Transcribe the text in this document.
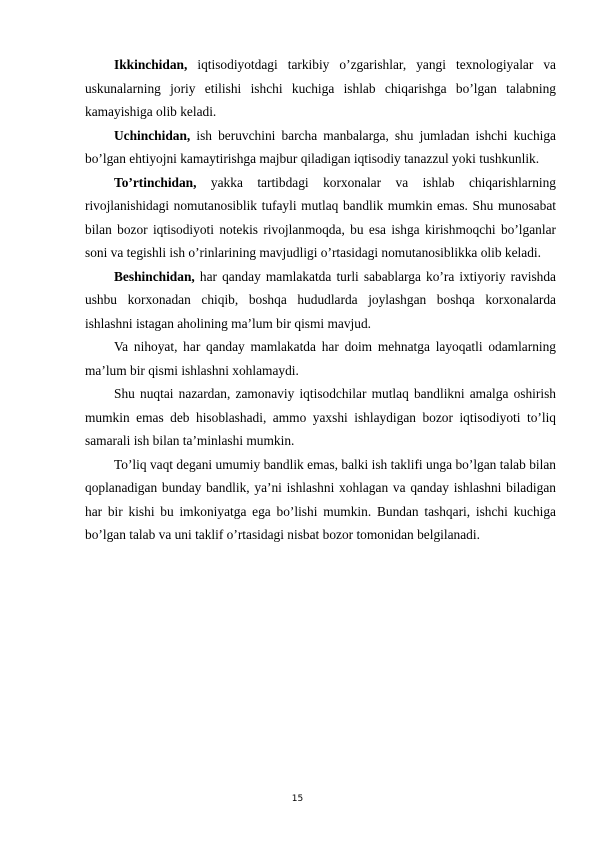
Ikkinchidan, iqtisodiyotdagi tarkibiy o’zgarishlar, yangi texnologiyalar va uskunalarning joriy etilishi ishchi kuchiga ishlab chiqarishga bo’lgan talabning kamayishiga olib keladi.

Uchinchidan, ish beruvchini barcha manbalarga, shu jumladan ishchi kuchiga bo’lgan ehtiyojni kamaytirishga majbur qiladigan iqtisodiy tanazzul yoki tushkunlik.

To’rtinchidan, yakka tartibdagi korxonalar va ishlab chiqarishlarning rivojlanishidagi nomutanosiblik tufayli mutlaq bandlik mumkin emas. Shu munosabat bilan bozor iqtisodiyoti notekis rivojlanmoqda, bu esa ishga kirishmoqchi bo’lganlar soni va tegishli ish o’rinlarining mavjudligi o’rtasidagi nomutanosiblikka olib keladi.

Beshinchidan, har qanday mamlakatda turli sabablarga ko’ra ixtiyoriy ravishda ushbu korxonadan chiqib, boshqa hududlarda joylashgan boshqa korxonalarda ishlashni istagan aholining ma’lum bir qismi mavjud.

Va nihoyat, har qanday mamlakatda har doim mehnatga layoqatli odamlarning ma’lum bir qismi ishlashni xohlamaydi.

Shu nuqtai nazardan, zamonaviy iqtisodchilar mutlaq bandlikni amalga oshirish mumkin emas deb hisoblashadi, ammo yaxshi ishlaydigan bozor iqtisodiyoti to’liq samarali ish bilan ta’minlashi mumkin.

To’liq vaqt degani umumiy bandlik emas, balki ish taklifi unga bo’lgan talab bilan qoplanadigan bunday bandlik, ya’ni ishlashni xohlagan va qanday ishlashni biladigan har bir kishi bu imkoniyatga ega bo’lishi mumkin. Bundan tashqari, ishchi kuchiga bo’lgan talab va uni taklif o’rtasidagi nisbat bozor tomonidan belgilanadi.

15
